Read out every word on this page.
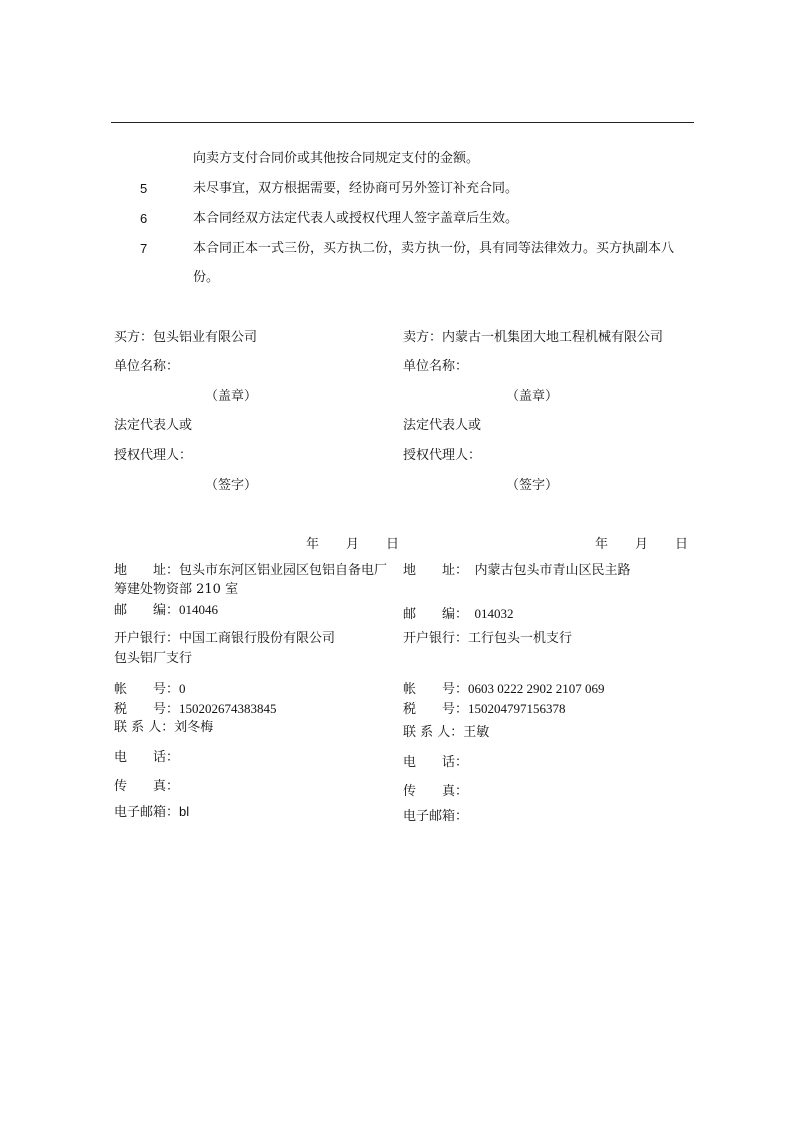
向卖方支付合同价或其他按合同规定支付的金额。
5	未尽事宜，双方根据需要，经协商可另外签订补充合同。
6	本合同经双方法定代表人或授权代理人签字盖章后生效。
7	本合同正本一式三份，买方执二份，卖方执一份，具有同等法律效力。买方执副本八
份。
买方：包头铝业有限公司
单位名称：
（盖章）
法定代表人或
授权代理人：
（签字）
年 月 日
地　　址：包头市东河区铝业园区包铝自备电厂
筹建处物资部 210 室
邮　　编：014046
开户银行：中国工商银行股份有限公司
包头铝厂支行
帐　　号：0
税　　号：150202674383845
联 系 人：刘冬梅
电　　话：
传　　真：
电子邮箱：bl
卖方：内蒙古一机集团大地工程机械有限公司
单位名称：
（盖章）
法定代表人或
授权代理人：
（签字）
年 月 日
地　　址：　内蒙古包头市青山区民主路
邮　　编：　014032
开户银行：工行包头一机支行
帐　　号：0603 0222 2902 2107 069
税　　号：150204797156378
联 系 人：王敏
电　　话：
传　　真：
电子邮箱：
